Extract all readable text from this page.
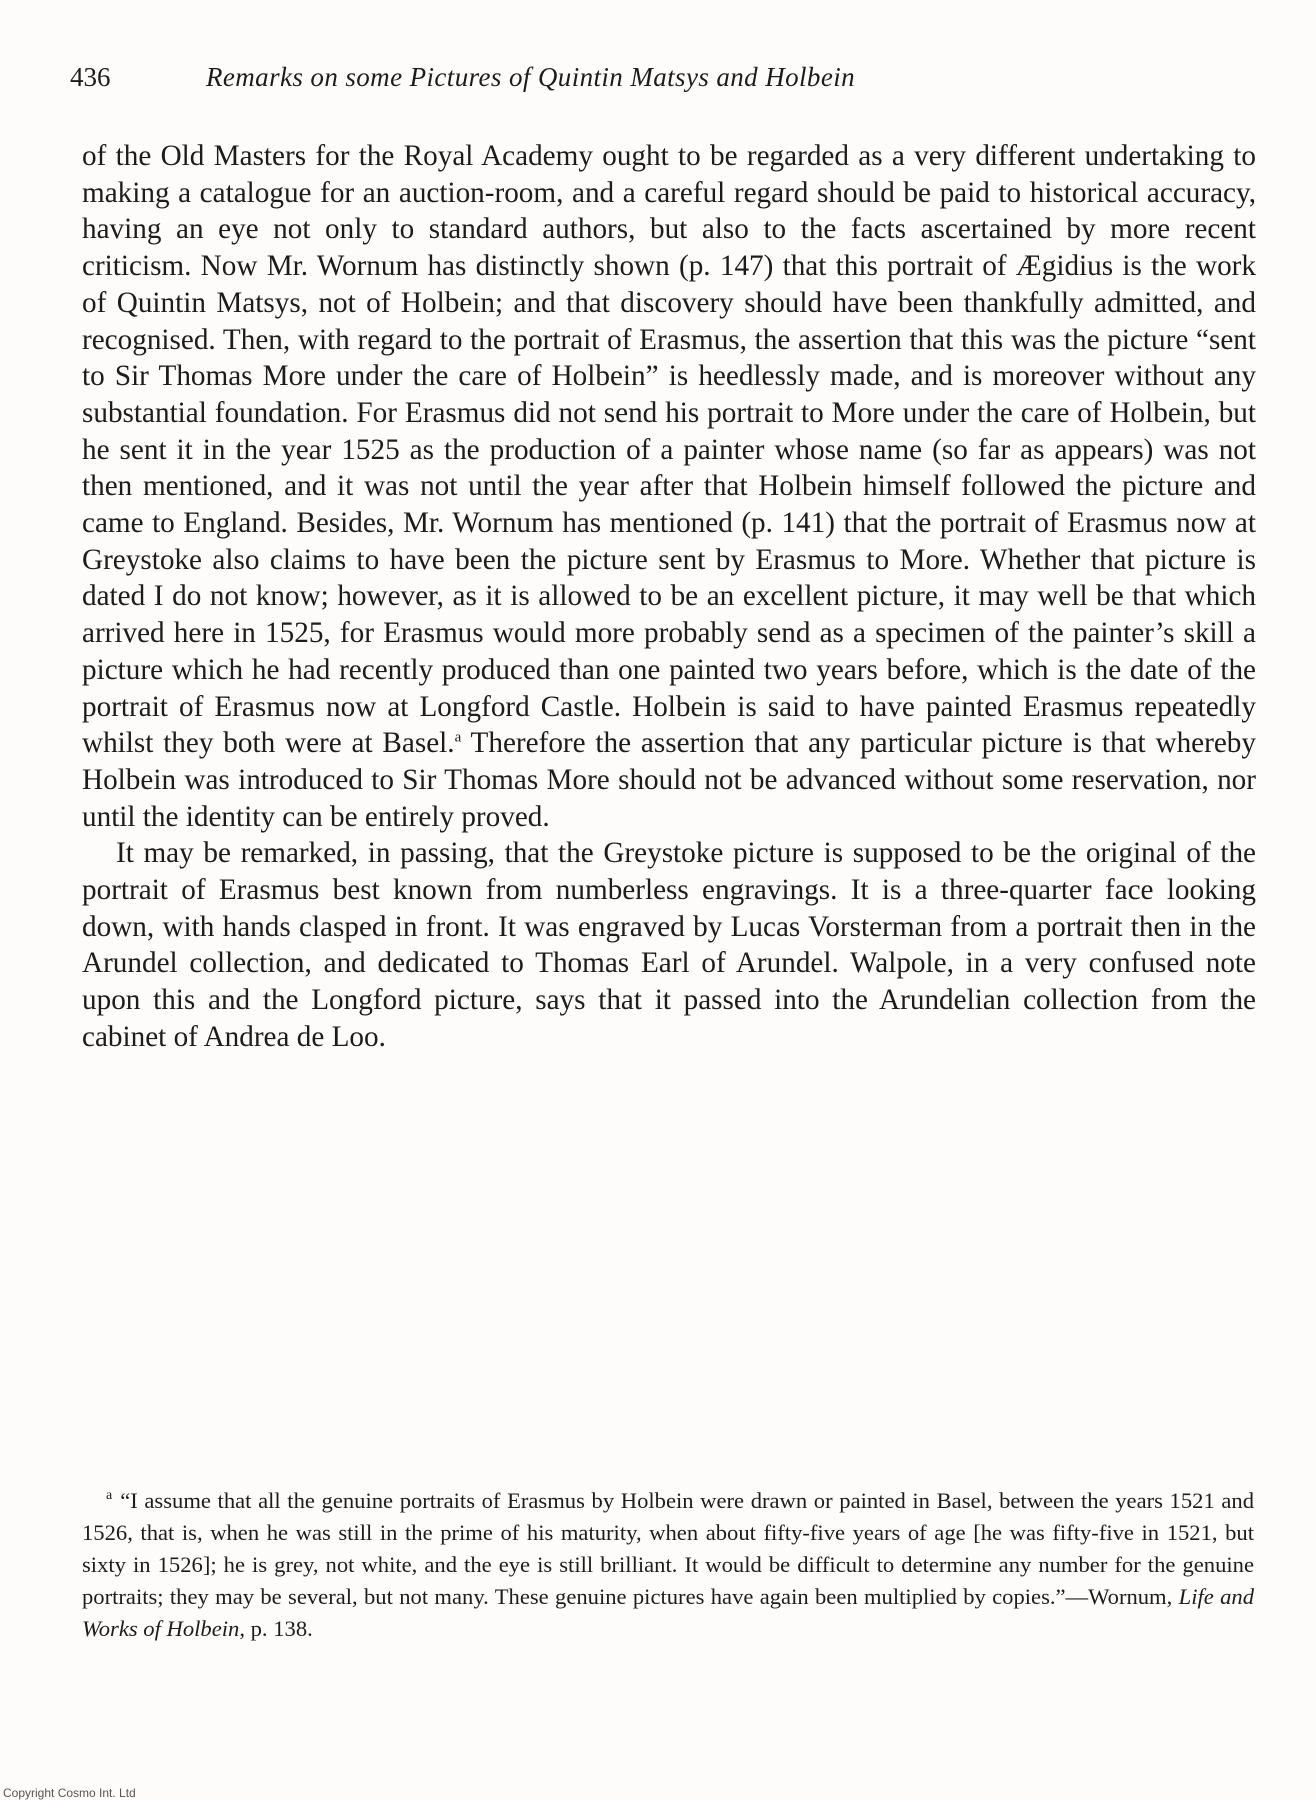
436	Remarks on some Pictures of Quintin Matsys and Holbein

of the Old Masters for the Royal Academy ought to be regarded as a very different undertaking to making a catalogue for an auction-room, and a careful regard should be paid to historical accuracy, having an eye not only to standard authors, but also to the facts ascertained by more recent criticism. Now Mr. Wornum has distinctly shown (p. 147) that this portrait of Ægidius is the work of Quintin Matsys, not of Holbein; and that discovery should have been thankfully admitted, and recognised. Then, with regard to the portrait of Erasmus, the assertion that this was the picture “sent to Sir Thomas More under the care of Holbein” is heedlessly made, and is moreover without any substantial foundation. For Erasmus did not send his portrait to More under the care of Holbein, but he sent it in the year 1525 as the production of a painter whose name (so far as appears) was not then mentioned, and it was not until the year after that Holbein himself followed the picture and came to England. Besides, Mr. Wornum has mentioned (p. 141) that the portrait of Erasmus now at Greystoke also claims to have been the picture sent by Erasmus to More. Whether that picture is dated I do not know; however, as it is allowed to be an excellent picture, it may well be that which arrived here in 1525, for Erasmus would more probably send as a specimen of the painter’s skill a picture which he had recently produced than one painted two years before, which is the date of the portrait of Erasmus now at Longford Castle. Holbein is said to have painted Erasmus repeatedly whilst they both were at Basel.$^a$ Therefore the assertion that any particular picture is that whereby Holbein was introduced to Sir Thomas More should not be advanced without some reservation, nor until the identity can be entirely proved.

It may be remarked, in passing, that the Greystoke picture is supposed to be the original of the portrait of Erasmus best known from numberless engravings. It is a three-quarter face looking down, with hands clasped in front. It was engraved by Lucas Vorsterman from a portrait then in the Arundel collection, and dedicated to Thomas Earl of Arundel. Walpole, in a very confused note upon this and the Longford picture, says that it passed into the Arundelian collection from the cabinet of Andrea de Loo.

$^a$ “I assume that all the genuine portraits of Erasmus by Holbein were drawn or painted in Basel, between the years 1521 and 1526, that is, when he was still in the prime of his maturity, when about fifty-five years of age [he was fifty-five in 1521, but sixty in 1526]; he is grey, not white, and the eye is still brilliant. It would be difficult to determine any number for the genuine portraits; they may be several, but not many. These genuine pictures have again been multiplied by copies.”—Wornum, Life and Works of Holbein, p. 138.

Copyright Cosmo Int. Ltd
